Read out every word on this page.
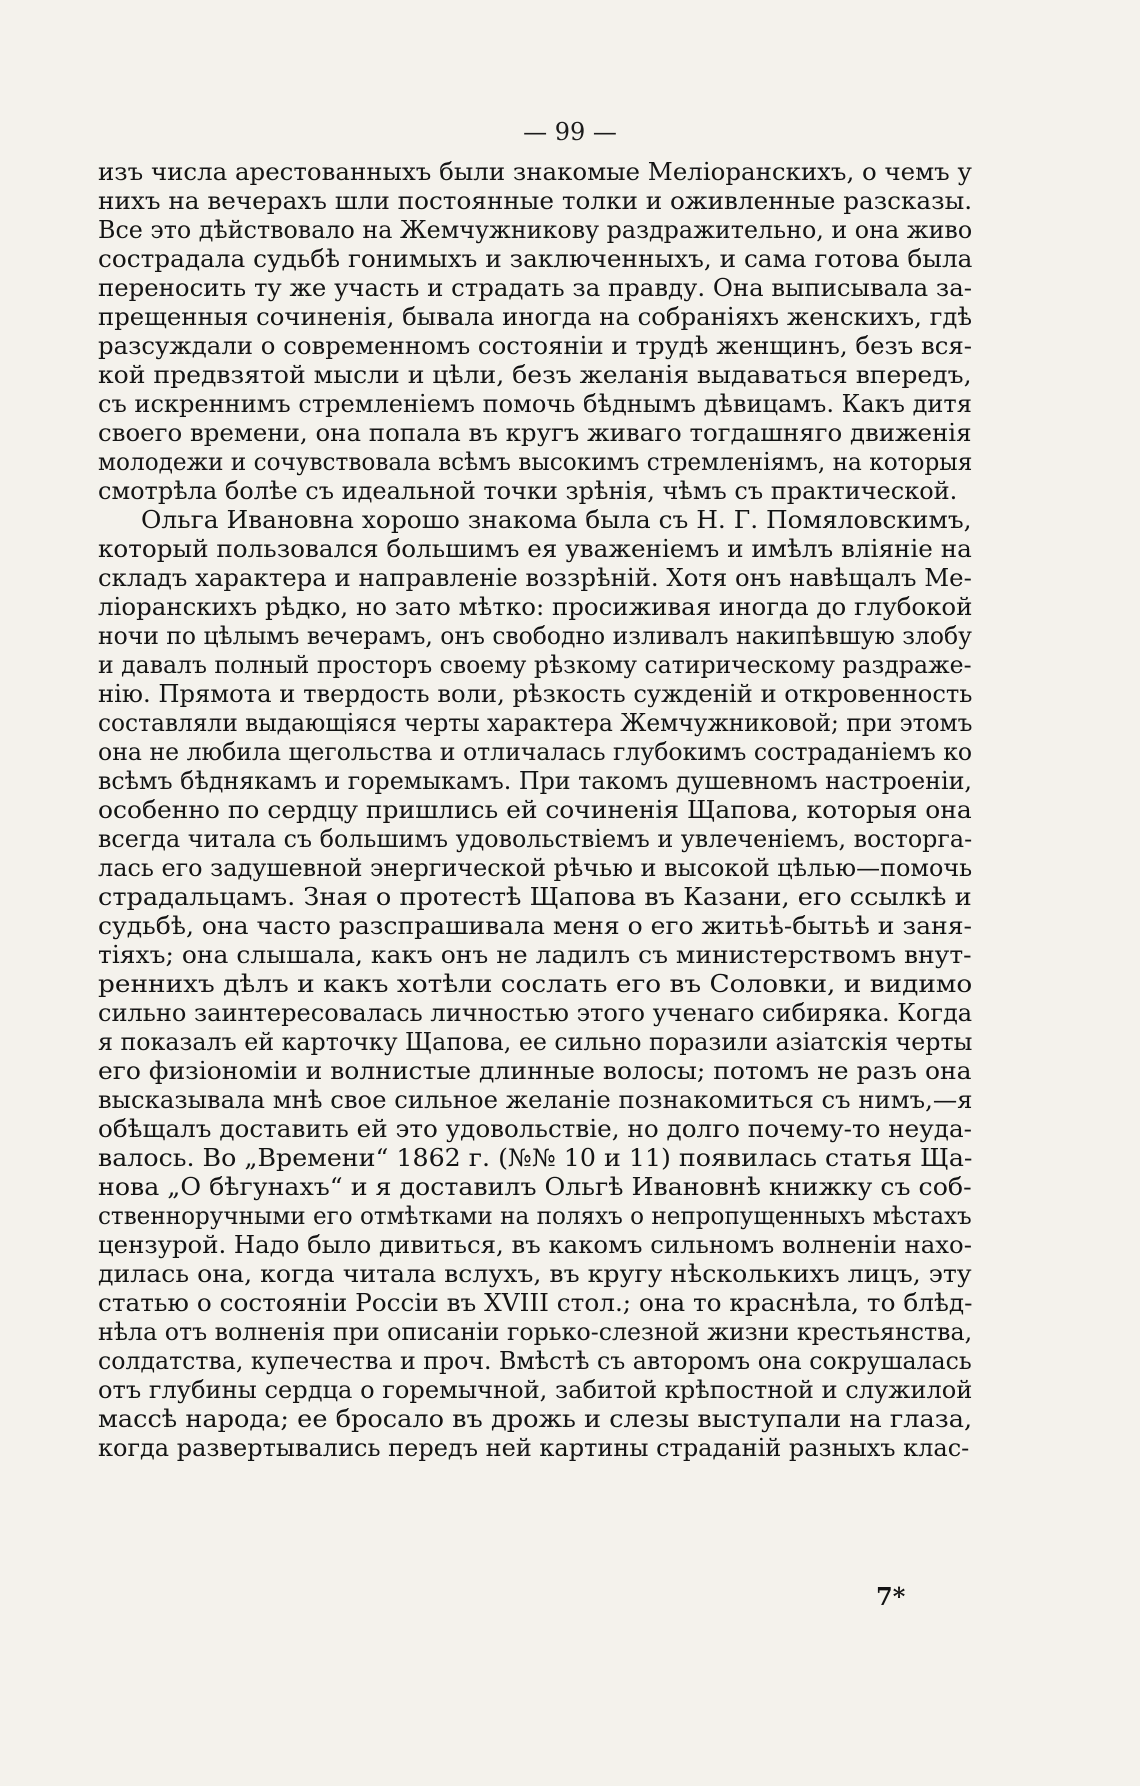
— 99 —
изъ числа арестованныхъ были знакомые Меліоранскихъ, о чемъ у
нихъ на вечерахъ шли постоянные толки и оживленные разсказы.
Все это дѣйствовало на Жемчужникову раздражительно, и она живо
сострадала судьбѣ гонимыхъ и заключенныхъ, и сама готова была
переносить ту же участь и страдать за правду. Она выписывала за-
прещенныя сочиненія, бывала иногда на собраніяхъ женскихъ, гдѣ
разсуждали о современномъ состояніи и трудѣ женщинъ, безъ вся-
кой предвзятой мысли и цѣли, безъ желанія выдаваться впередъ,
съ искреннимъ стремленіемъ помочь бѣднымъ дѣвицамъ. Какъ дитя
своего времени, она попала въ кругъ живаго тогдашняго движенія
молодежи и сочувствовала всѣмъ высокимъ стремленіямъ, на которыя
смотрѣла болѣе съ идеальной точки зрѣнія, чѣмъ съ практической.
Ольга Ивановна хорошо знакома была съ Н. Г. Помяловскимъ,
который пользовался большимъ ея уваженіемъ и имѣлъ вліяніе на
складъ характера и направленіе воззрѣній. Хотя онъ навѣщалъ Ме-
ліоранскихъ рѣдко, но зато мѣтко: просиживая иногда до глубокой
ночи по цѣлымъ вечерамъ, онъ свободно изливалъ накипѣвшую злобу
и давалъ полный просторъ своему рѣзкому сатирическому раздраже-
нію. Прямота и твердость воли, рѣзкость сужденій и откровенность
составляли выдающіяся черты характера Жемчужниковой; при этомъ
она не любила щегольства и отличалась глубокимъ состраданіемъ ко
всѣмъ бѣднякамъ и горемыкамъ. При такомъ душевномъ настроеніи,
особенно по сердцу пришлись ей сочиненія Щапова, которыя она
всегда читала съ большимъ удовольствіемъ и увлеченіемъ, восторга-
лась его задушевной энергической рѣчью и высокой цѣлью—помочь
страдальцамъ. Зная о протестѣ Щапова въ Казани, его ссылкѣ и
судьбѣ, она часто разспрашивала меня о его житьѣ-бытьѣ и заня-
тіяхъ; она слышала, какъ онъ не ладилъ съ министерствомъ внут-
реннихъ дѣлъ и какъ хотѣли сослать его въ Соловки, и видимо
сильно заинтересовалась личностью этого ученаго сибиряка. Когда
я показалъ ей карточку Щапова, ее сильно поразили азіатскія черты
его физіономіи и волнистые длинные волосы; потомъ не разъ она
высказывала мнѣ свое сильное желаніе познакомиться съ нимъ,—я
обѣщалъ доставить ей это удовольствіе, но долго почему-то неуда-
валось. Во „Времени“ 1862 г. (№№ 10 и 11) появилась статья Ща-
нова „О бѣгунахъ“ и я доставилъ Ольгѣ Ивановнѣ книжку съ соб-
ственноручными его отмѣтками на поляхъ о непропущенныхъ мѣстахъ
цензурой. Надо было дивиться, въ какомъ сильномъ волненіи нахо-
дилась она, когда читала вслухъ, въ кругу нѣсколькихъ лицъ, эту
статью о состояніи Россіи въ XVIII стол.; она то краснѣла, то блѣд-
нѣла отъ волненія при описаніи горько-слезной жизни крестьянства,
солдатства, купечества и проч. Вмѣстѣ съ авторомъ она сокрушалась
отъ глубины сердца о горемычной, забитой крѣпостной и служилой
массѣ народа; ее бросало въ дрожь и слезы выступали на глаза,
когда развертывались передъ ней картины страданій разныхъ клас-
7*
